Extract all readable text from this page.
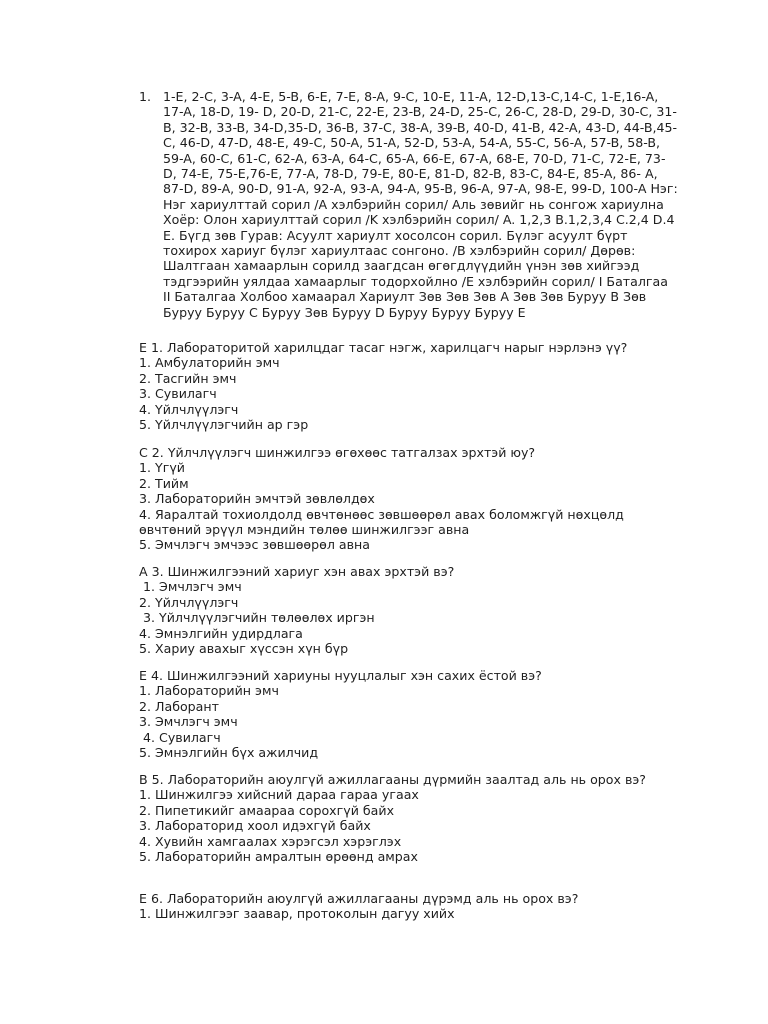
1. 1-E, 2-C, 3-A, 4-E, 5-B, 6-E, 7-E, 8-A, 9-C, 10-E, 11-A, 12-D,13-C,14-C, 1-E,16-A, 17-A, 18-D, 19- D, 20-D, 21-C, 22-E, 23-B, 24-D, 25-C, 26-C, 28-D, 29-D, 30-C, 31-B, 32-B, 33-B, 34-D,35-D, 36-B, 37-C, 38-A, 39-B, 40-D, 41-B, 42-A, 43-D, 44-B,45-C, 46-D, 47-D, 48-E, 49-C, 50-A, 51-A, 52-D, 53-A, 54-A, 55-C, 56-A, 57-B, 58-B, 59-A, 60-C, 61-C, 62-A, 63-A, 64-C, 65-A, 66-E, 67-A, 68-E, 70-D, 71-C, 72-E, 73-D, 74-E, 75-E,76-E, 77-A, 78-D, 79-E, 80-E, 81-D, 82-B, 83-C, 84-E, 85-A, 86- A, 87-D, 89-A, 90-D, 91-A, 92-A, 93-A, 94-A, 95-B, 96-A, 97-A, 98-E, 99-D, 100-A Нэг: Нэг хариулттай сорил /A хэлбэрийн сорил/ Аль зөвийг нь сонгож хариулна Хоёр: Олон хариулттай сорил /K хэлбэрийн сорил/ A. 1,2,3 B.1,2,3,4 C.2,4 D.4 E. Бүгд зөв Гурав: Асуулт хариулт хосолсон сорил. Бүлэг асуулт бүрт тохирох хариуг бүлэг хариултаас сонгоно. /B хэлбэрийн сорил/ Дөрөв: Шалтгаан хамаарлын сорилд заагдсан өгөгдлүүдийн үнэн зөв хийгээд тэдгээрийн уялдаа хамаарлыг тодорхойлно /E хэлбэрийн сорил/ I Баталгаа II Баталгаа Холбоо хамаарал Хариулт Зөв Зөв Зөв A Зөв Зөв Буруу B Зөв Буруу Буруу C Буруу Зөв Буруу D Буруу Буруу Буруу E
E 1. Лабораторитой харилцдаг тасаг нэгж, харилцагч нарыг нэрлэнэ үү?
1. Амбулаторийн эмч
2. Тасгийн эмч
3. Сувилагч
4. Үйлчлүүлэгч
5. Үйлчлүүлэгчийн ар гэр
C 2. Үйлчлүүлэгч шинжилгээ өгөхөөс татгалзах эрхтэй юу?
1. Үгүй
2. Тийм
3. Лабораторийн эмчтэй зөвлөлдөх
4. Яаралтай тохиолдолд өвчтөнөөс зөвшөөрөл авах боломжгүй нөхцөлд өвчтөний эрүүл мэндийн төлөө шинжилгээг авна
5. Эмчлэгч эмчээс зөвшөөрөл авна
A 3. Шинжилгээний хариуг хэн авах эрхтэй вэ?
1. Эмчлэгч эмч
2. Үйлчлүүлэгч
3. Үйлчлүүлэгчийн төлөөлөх иргэн
4. Эмнэлгийн удирдлага
5. Хариу авахыг хүссэн хүн бүр
E 4. Шинжилгээний хариуны нууцлалыг хэн сахих ёстой вэ?
1. Лабораторийн эмч
2. Лаборант
3. Эмчлэгч эмч
4. Сувилагч
5. Эмнэлгийн бүх ажилчид
B 5. Лабораторийн аюулгүй ажиллагааны дүрмийн заалтад аль нь орох вэ?
1. Шинжилгээ хийсний дараа гараа угаах
2. Пипетикийг амаараа сорохгүй байх
3. Лабораторид хоол идэхгүй байх
4. Хувийн хамгаалах хэрэгсэл хэрэглэх
5. Лабораторийн амралтын өрөөнд амрах
E 6. Лабораторийн аюулгүй ажиллагааны дүрэмд аль нь орох вэ?
1. Шинжилгээг заавар, протоколын дагуу хийх
